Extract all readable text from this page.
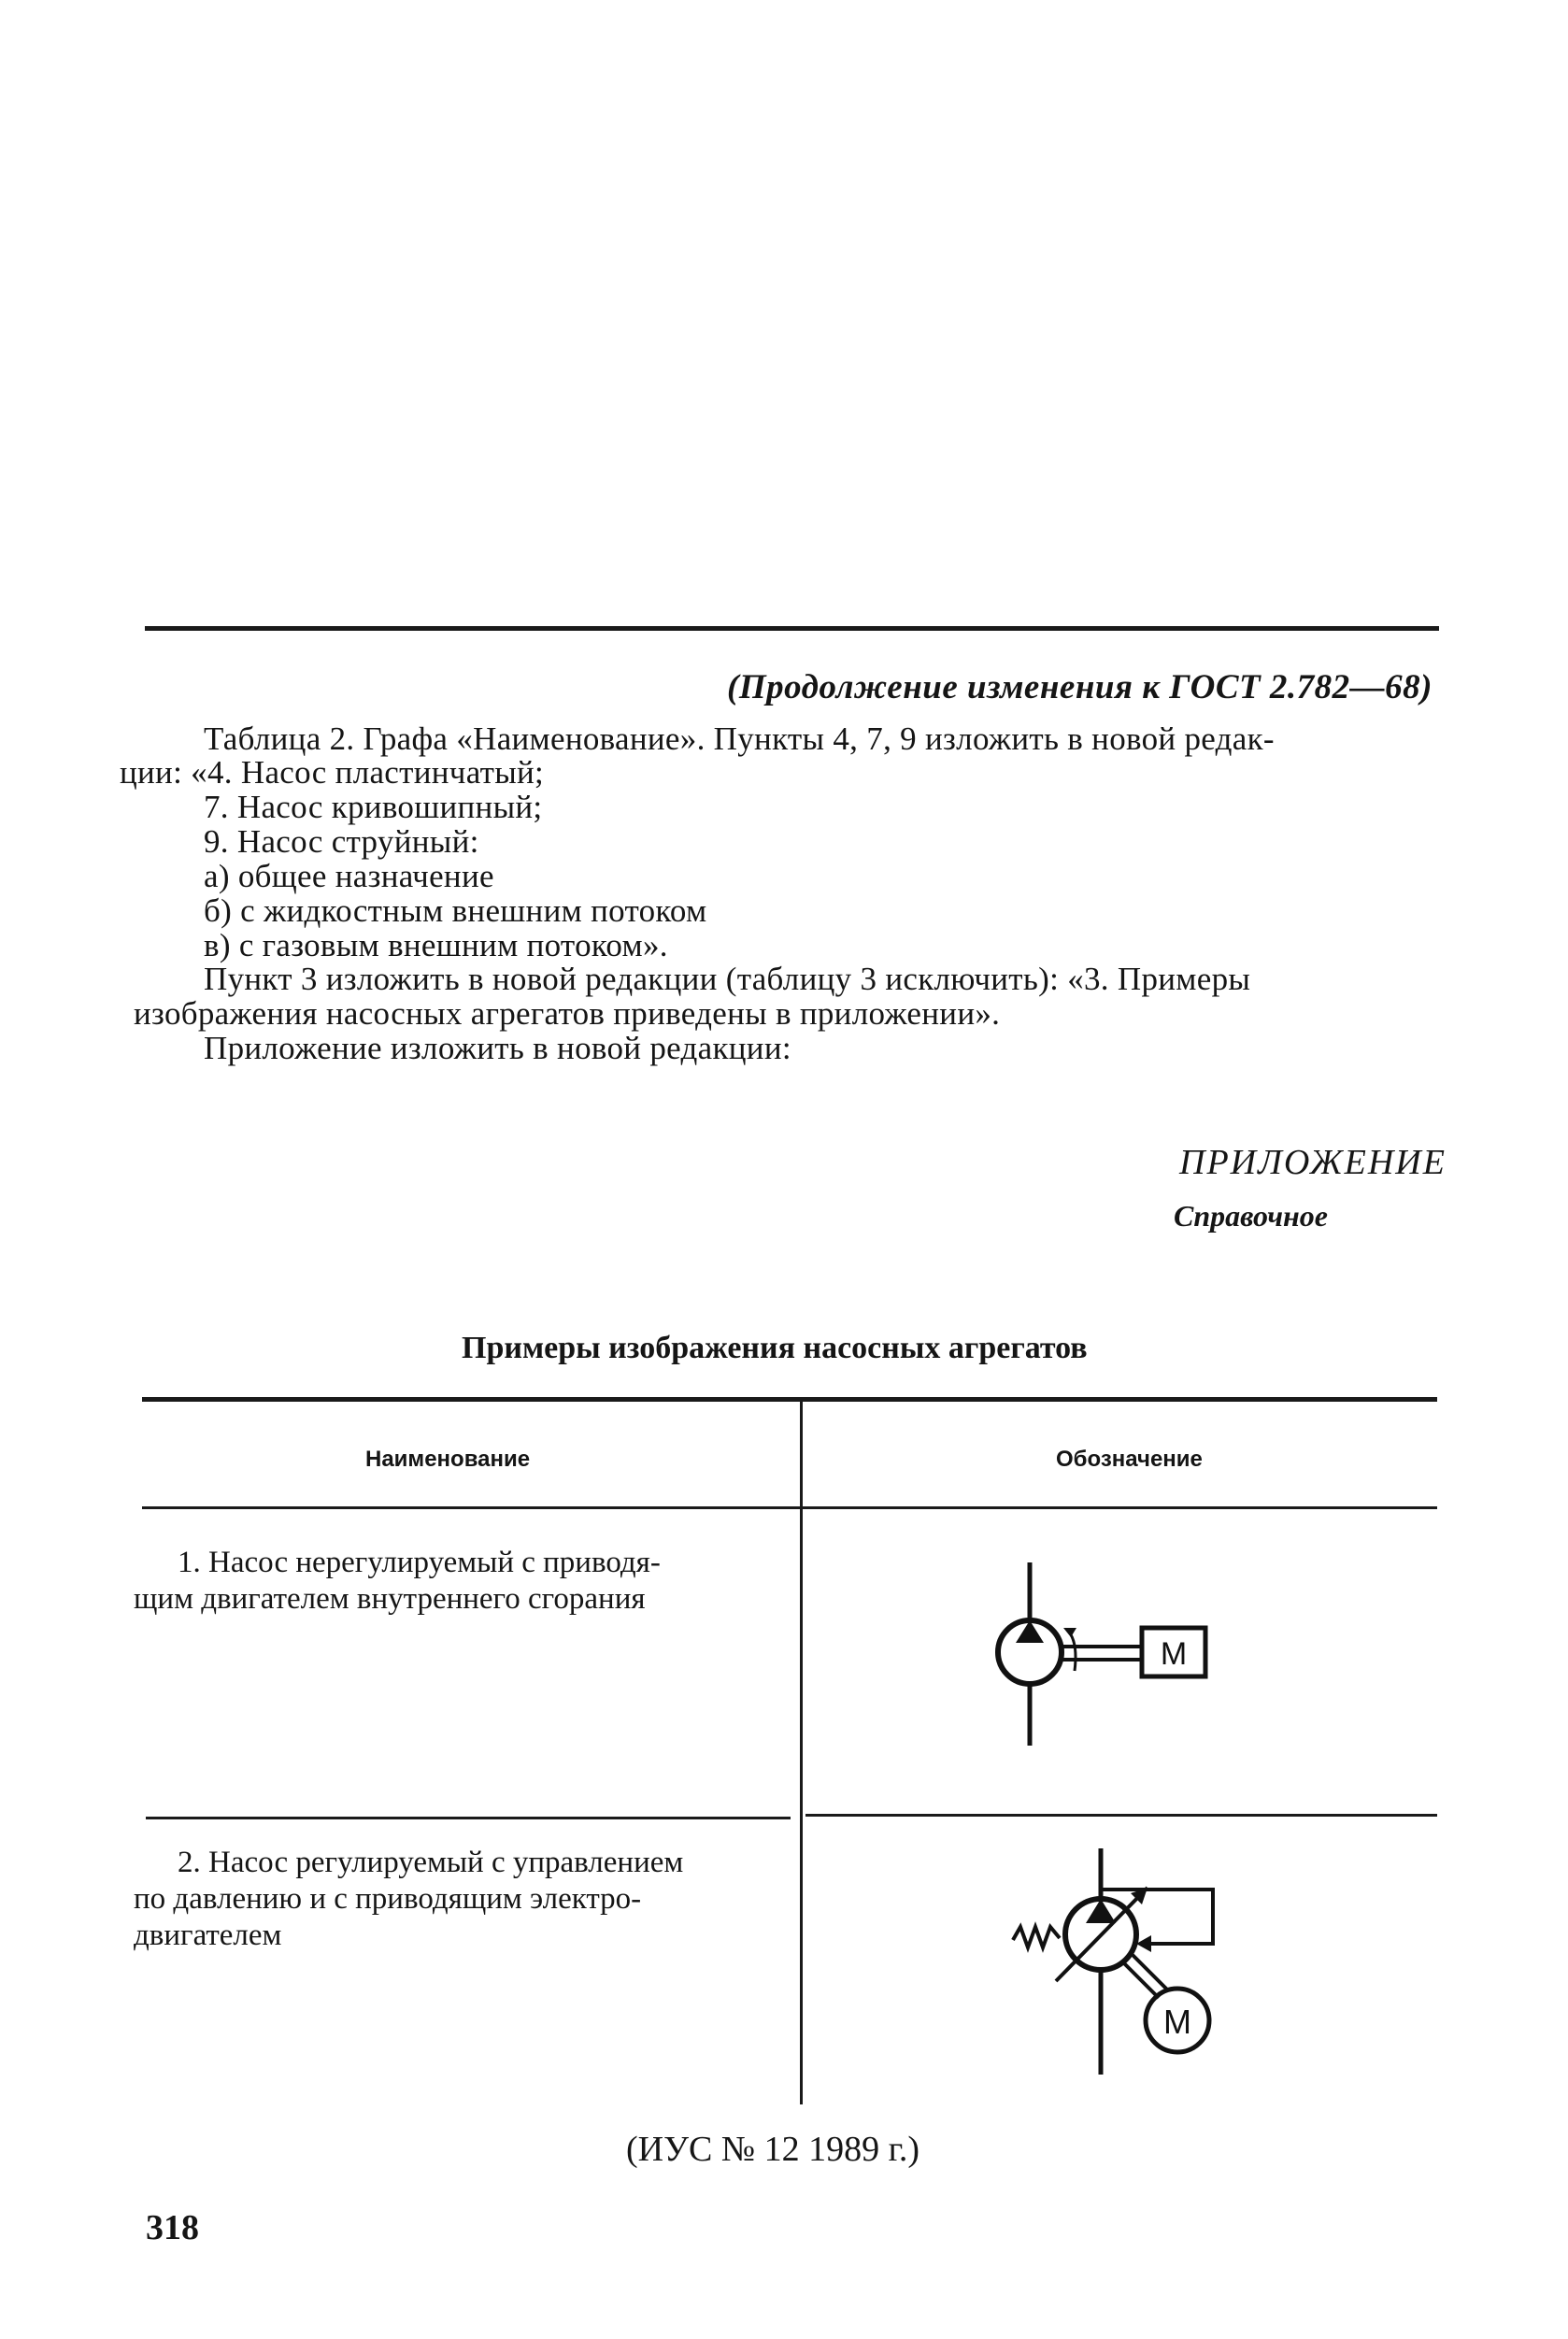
(Продолжение изменения к ГОСТ 2.782—68)
Таблица 2. Графа «Наименование». Пункты 4, 7, 9 изложить в новой редак-
ции: «4. Насос пластинчатый;
7. Насос кривошипный;
9. Насос струйный:
а) общее назначение
б) с жидкостным внешним потоком
в) с газовым внешним потоком».
Пункт 3 изложить в новой редакции (таблицу 3 исключить): «3. Примеры
изображения насосных агрегатов приведены в приложении».
Приложение изложить в новой редакции:
ПРИЛОЖЕНИЕ
Справочное
Примеры изображения насосных агрегатов
Наименование	Обозначение
1. Насос нерегулируемый с приводя-
щим двигателем внутреннего сгорания
М
2. Насос регулируемый с управлением
по давлению и с приводящим электро-
двигателем
М
(ИУС № 12 1989 г.)
318
